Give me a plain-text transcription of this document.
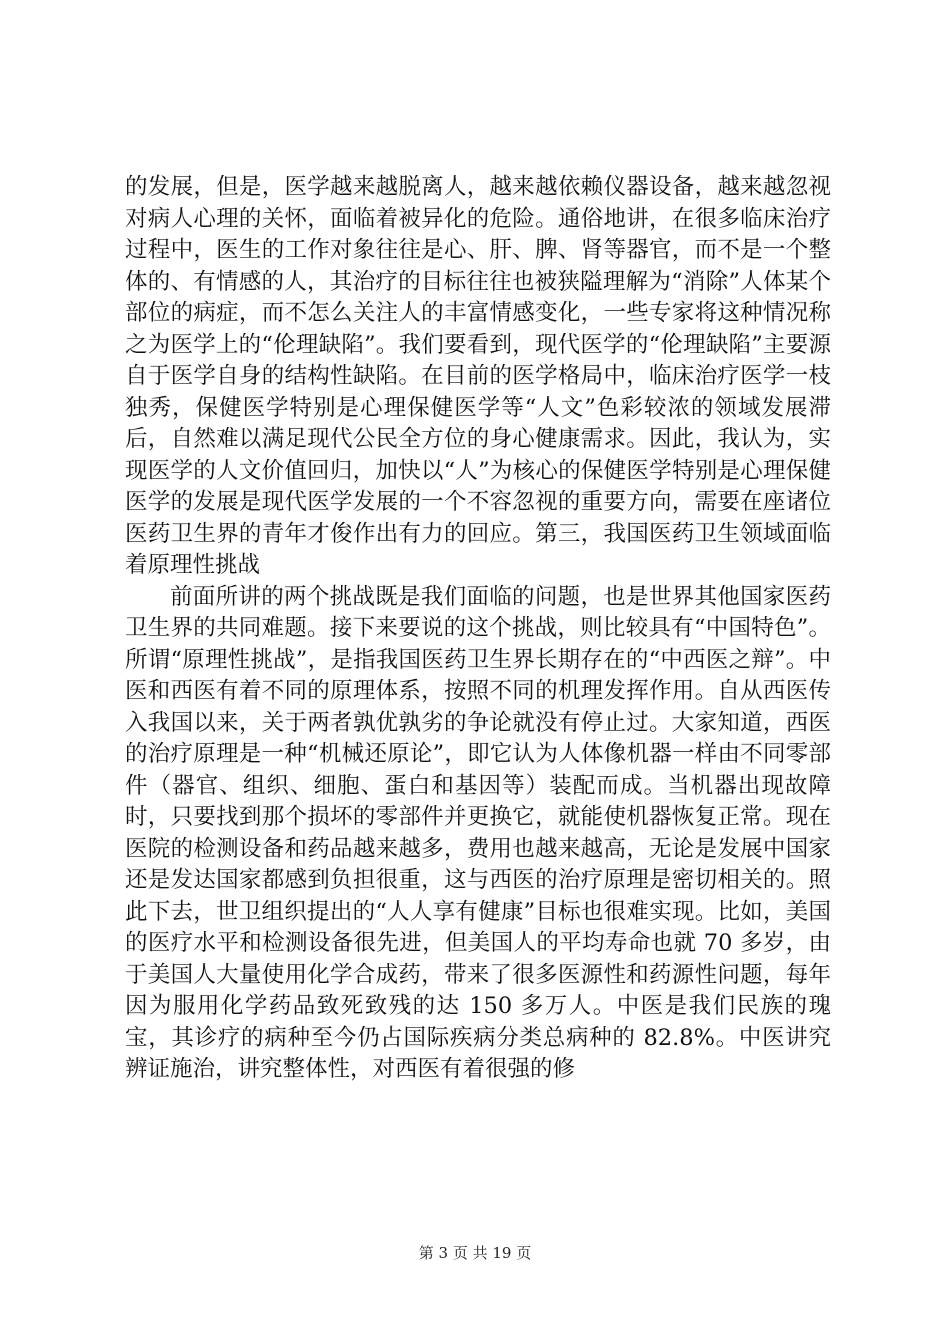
的发展，但是，医学越来越脱离人，越来越依赖仪器设备，越来越忽视对病人心理的关怀，面临着被异化的危险。通俗地讲，在很多临床治疗过程中，医生的工作对象往往是心、肝、脾、肾等器官，而不是一个整体的、有情感的人，其治疗的目标往往也被狭隘理解为“消除”人体某个部位的病症，而不怎么关注人的丰富情感变化，一些专家将这种情况称之为医学上的“伦理缺陷”。我们要看到，现代医学的“伦理缺陷”主要源自于医学自身的结构性缺陷。在目前的医学格局中，临床治疗医学一枝独秀，保健医学特别是心理保健医学等“人文”色彩较浓的领域发展滞后，自然难以满足现代公民全方位的身心健康需求。因此，我认为，实现医学的人文价值回归，加快以“人”为核心的保健医学特别是心理保健医学的发展是现代医学发展的一个不容忽视的重要方向，需要在座诸位医药卫生界的青年才俊作出有力的回应。第三，我国医药卫生领域面临着原理性挑战

前面所讲的两个挑战既是我们面临的问题，也是世界其他国家医药卫生界的共同难题。接下来要说的这个挑战，则比较具有“中国特色”。所谓“原理性挑战”，是指我国医药卫生界长期存在的“中西医之辩”。中医和西医有着不同的原理体系，按照不同的机理发挥作用。自从西医传入我国以来，关于两者孰优孰劣的争论就没有停止过。大家知道，西医的治疗原理是一种“机械还原论”，即它认为人体像机器一样由不同零部件（器官、组织、细胞、蛋白和基因等）装配而成。当机器出现故障时，只要找到那个损坏的零部件并更换它，就能使机器恢复正常。现在医院的检测设备和药品越来越多，费用也越来越高，无论是发展中国家还是发达国家都感到负担很重，这与西医的治疗原理是密切相关的。照此下去，世卫组织提出的“人人享有健康”目标也很难实现。比如，美国的医疗水平和检测设备很先进，但美国人的平均寿命也就 70 多岁，由于美国人大量使用化学合成药，带来了很多医源性和药源性问题，每年因为服用化学药品致死致残的达 150 多万人。中医是我们民族的瑰宝，其诊疗的病种至今仍占国际疾病分类总病种的 82.8%。中医讲究辨证施治，讲究整体性，对西医有着很强的修

第 3 页 共 19 页
